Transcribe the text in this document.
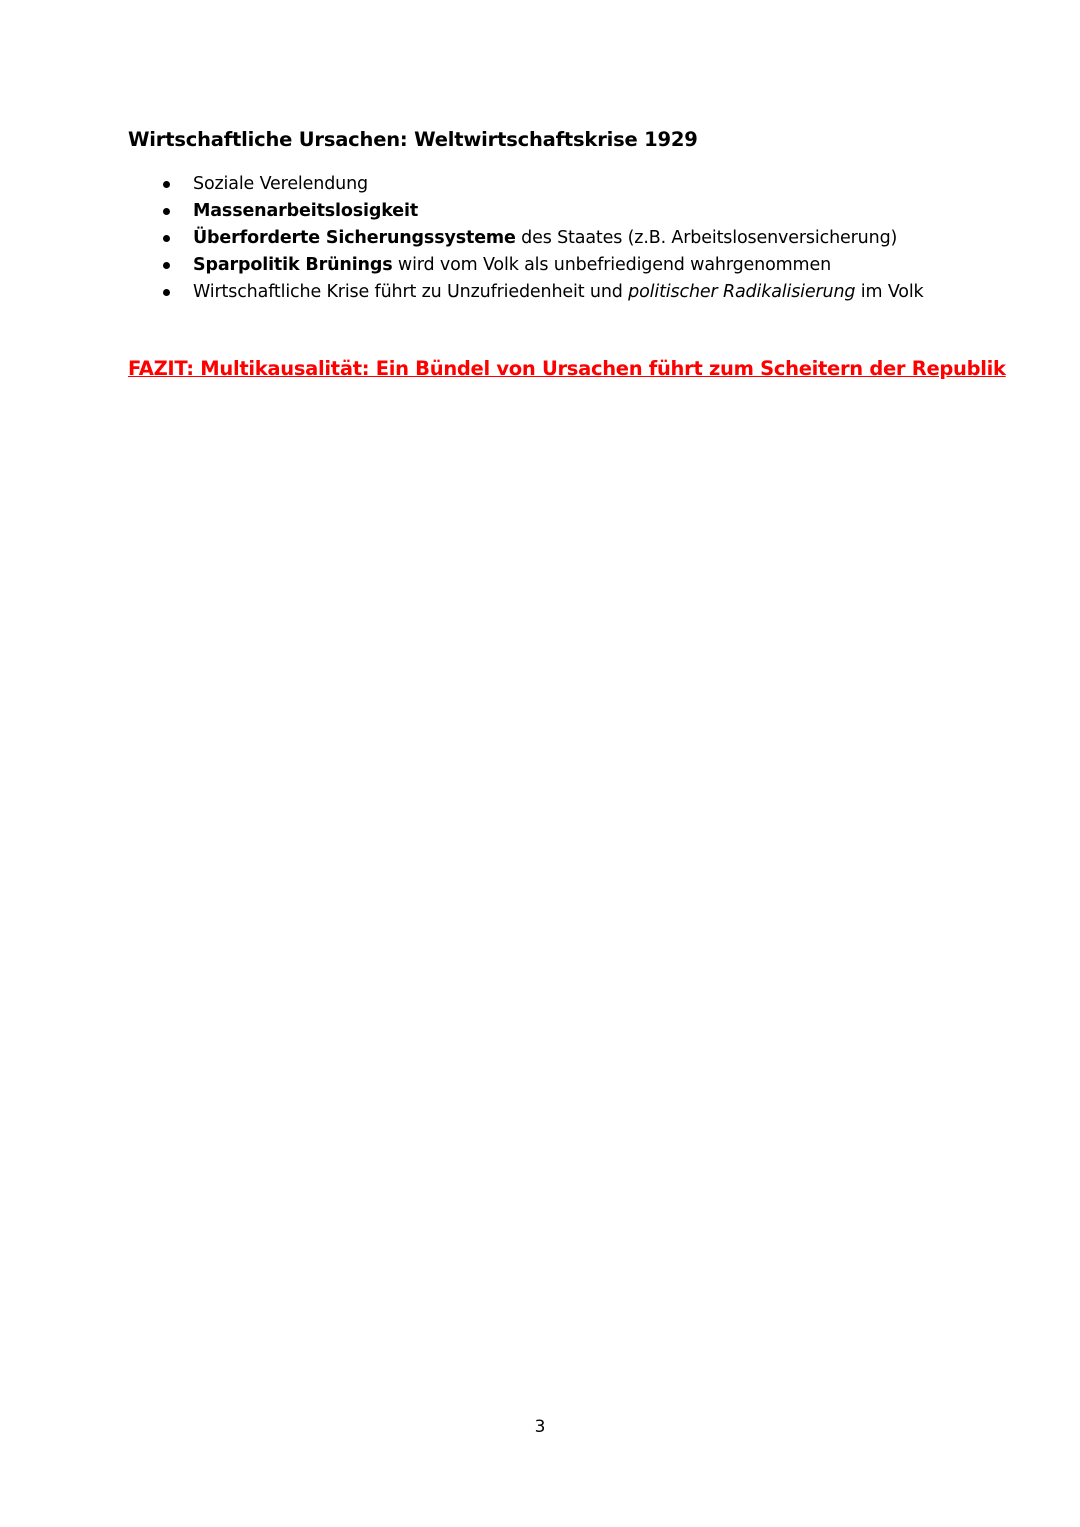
Wirtschaftliche Ursachen: Weltwirtschaftskrise 1929
Soziale Verelendung
Massenarbeitslosigkeit
Überforderte Sicherungssysteme des Staates (z.B. Arbeitslosenversicherung)
Sparpolitik Brünings wird vom Volk als unbefriedigend wahrgenommen
Wirtschaftliche Krise führt zu Unzufriedenheit und politischer Radikalisierung im Volk
FAZIT: Multikausalität: Ein Bündel von Ursachen führt zum Scheitern der Republik
3
